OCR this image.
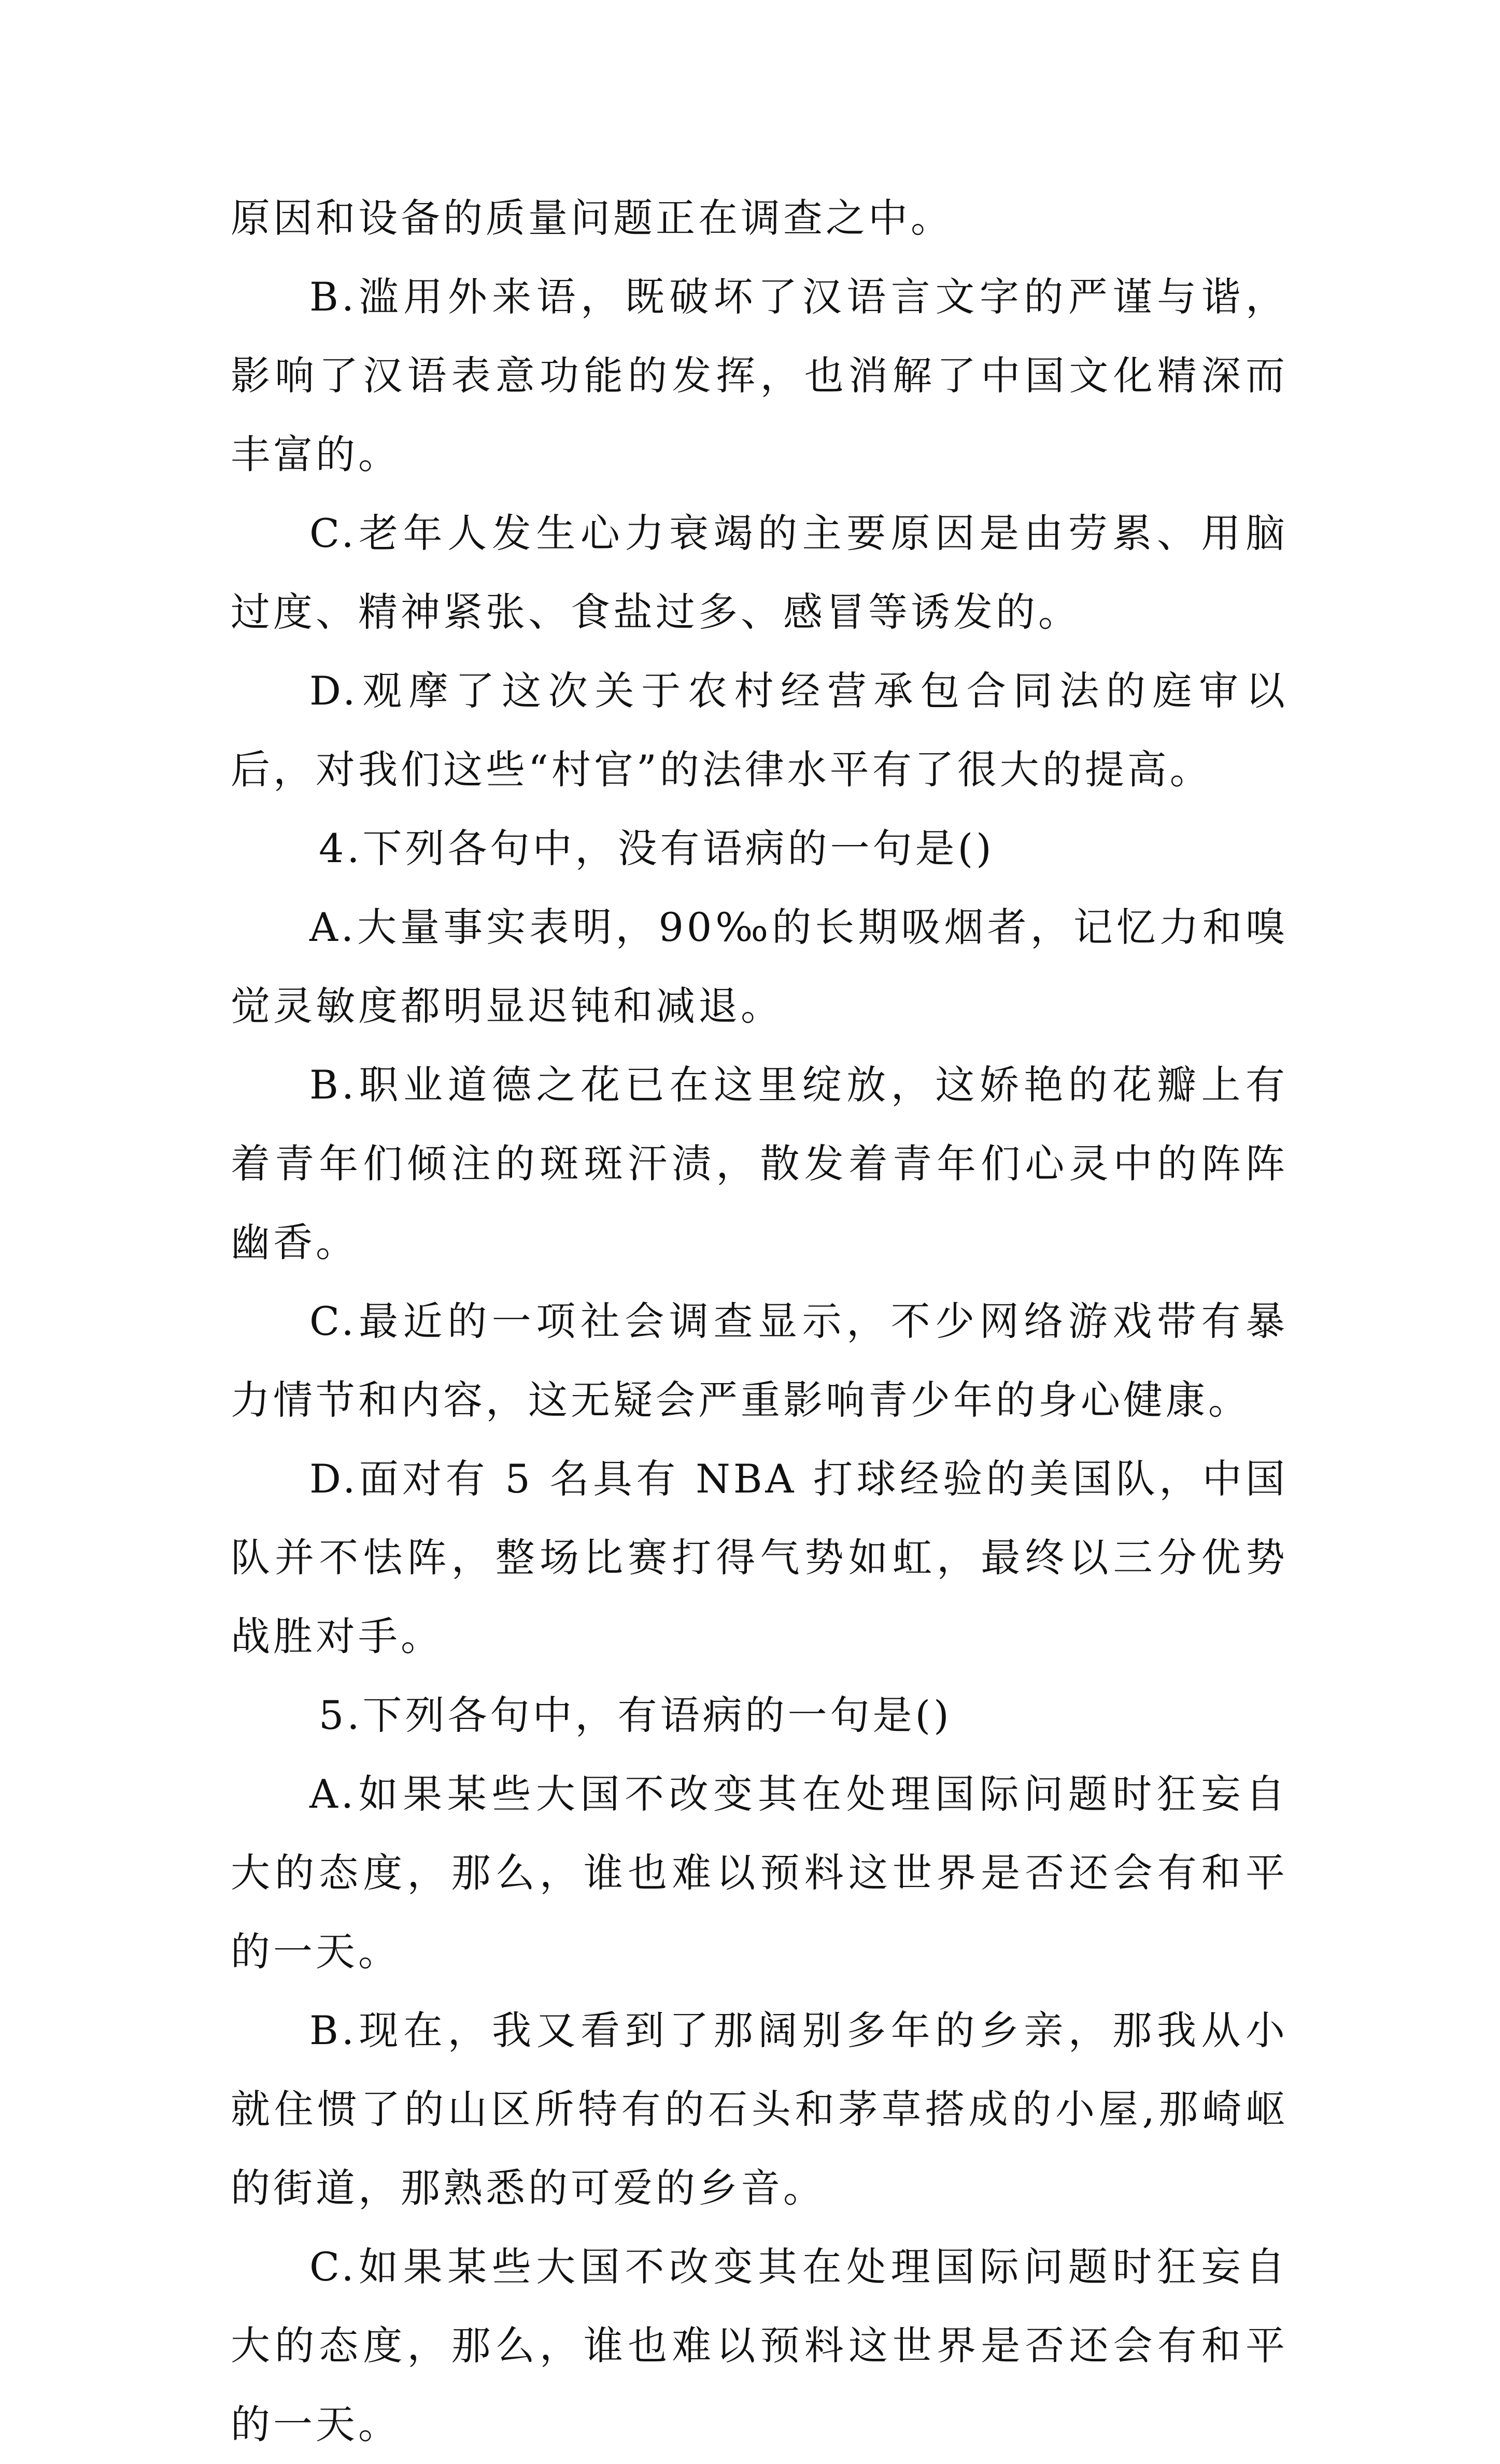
原因和设备的质量问题正在调查之中。

B.滥用外来语，既破坏了汉语言文字的严谨与谐，影响了汉语表意功能的发挥，也消解了中国文化精深而丰富的。

C.老年人发生心力衰竭的主要原因是由劳累、用脑过度、精神紧张、食盐过多、感冒等诱发的。

D.观摩了这次关于农村经营承包合同法的庭审以后，对我们这些“村官”的法律水平有了很大的提高。

4.下列各句中，没有语病的一句是()

A.大量事实表明，90‰的长期吸烟者，记忆力和嗅觉灵敏度都明显迟钝和减退。

B.职业道德之花已在这里绽放，这娇艳的花瓣上有着青年们倾注的斑斑汗渍，散发着青年们心灵中的阵阵幽香。

C.最近的一项社会调查显示，不少网络游戏带有暴力情节和内容，这无疑会严重影响青少年的身心健康。

D.面对有 5 名具有 NBA 打球经验的美国队，中国队并不怯阵，整场比赛打得气势如虹，最终以三分优势战胜对手。

5.下列各句中，有语病的一句是()

A.如果某些大国不改变其在处理国际问题时狂妄自大的态度，那么，谁也难以预料这世界是否还会有和平的一天。

B.现在，我又看到了那阔别多年的乡亲，那我从小就住惯了的山区所特有的石头和茅草搭成的小屋,那崎岖的街道，那熟悉的可爱的乡音。

C.如果某些大国不改变其在处理国际问题时狂妄自大的态度，那么，谁也难以预料这世界是否还会有和平的一天。
